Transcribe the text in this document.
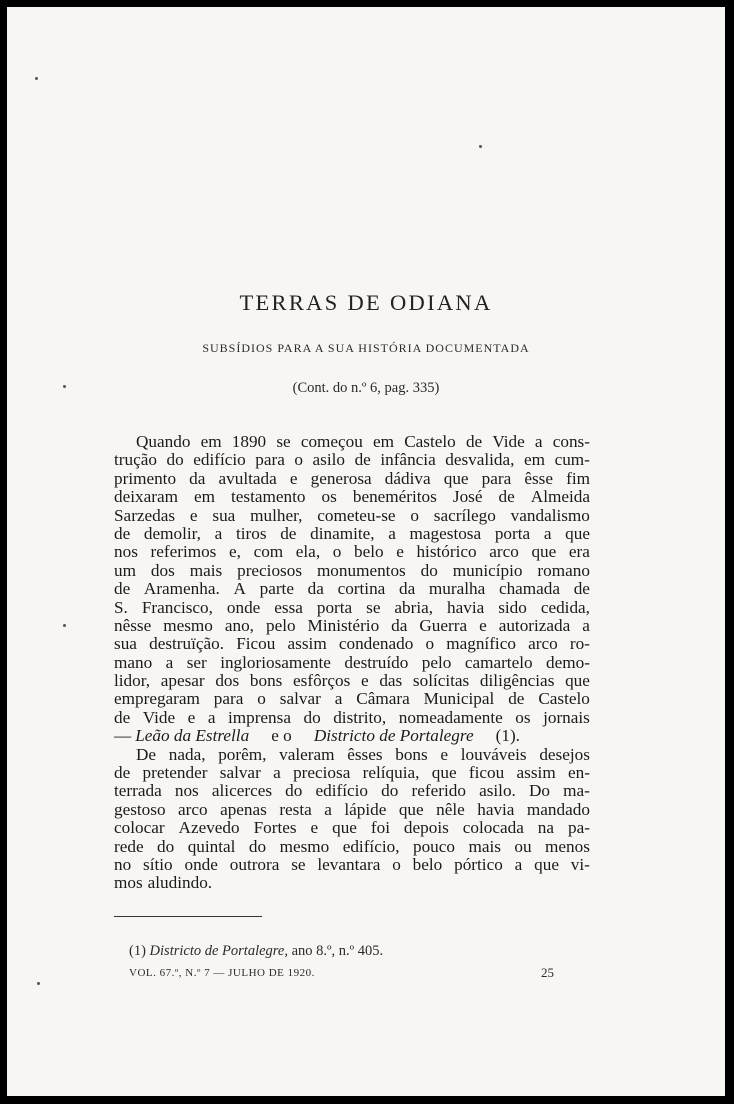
TERRAS DE ODIANA
SUBSÍDIOS PARA A SUA HISTÓRIA DOCUMENTADA
(Cont. do n.º 6, pag. 335)
Quando em 1890 se começou em Castelo de Vide a cons-
trução do edifício para o asilo de infância desvalida, em cum-
primento da avultada e generosa dádiva que para êsse fim
deixaram em testamento os beneméritos José de Almeida
Sarzedas e sua mulher, cometeu-se o sacrílego vandalismo
de demolir, a tiros de dinamite, a magestosa porta a que
nos referimos e, com ela, o belo e histórico arco que era
um dos mais preciosos monumentos do município romano
de Aramenha. A parte da cortina da muralha chamada de
S. Francisco, onde essa porta se abria, havia sido cedida,
nêsse mesmo ano, pelo Ministério da Guerra e autorizada a
sua destruïção. Ficou assim condenado o magnífico arco ro-
mano a ser ingloriosamente destruído pelo camartelo demo-
lidor, apesar dos bons esfôrços e das solícitas diligências que
empregaram para o salvar a Câmara Municipal de Castelo
de Vide e a imprensa do distrito, nomeadamente os jornais
— Leão da Estrella e o Districto de Portalegre (1).
De nada, porêm, valeram êsses bons e louváveis desejos
de pretender salvar a preciosa relíquia, que ficou assim en-
terrada nos alicerces do edifício do referido asilo. Do ma-
gestoso arco apenas resta a lápide que nêle havia mandado
colocar Azevedo Fortes e que foi depois colocada na pa-
rede do quintal do mesmo edifício, pouco mais ou menos
no sítio onde outrora se levantara o belo pórtico a que vi-
mos aludindo.
(1) Districto de Portalegre, ano 8.º, n.º 405.
VOL. 67.º, N.º 7 — JULHO DE 1920.	25
